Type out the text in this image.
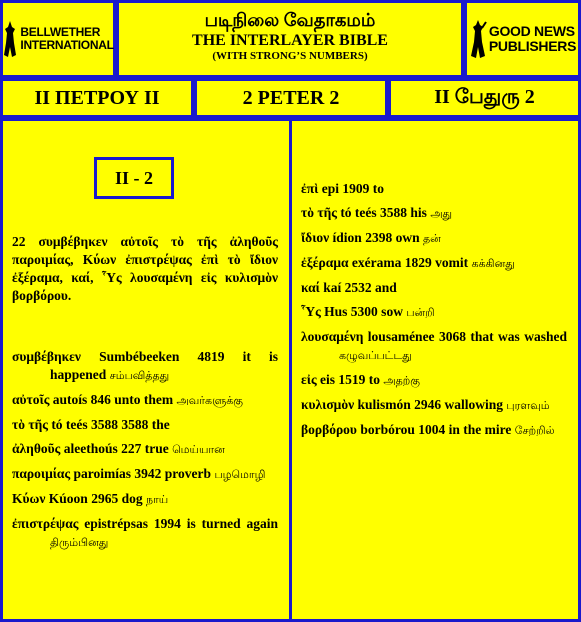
BELLWETHER
INTERNATIONAL
படிநிலை வேதாகமம்
THE INTERLAYER BIBLE
(WITH STRONG’S NUMBERS)
GOOD NEWS
PUBLISHERS
II ΠΕΤΡΟΥ II	2 PETER 2	II பேதுரு 2
II - 2
22 συμβέβηκεν αὐτοῖς τὸ τῆς ἀληθοῦς παροιμίας, Κύων ἐπιστρέψας ἐπὶ τὸ ἴδιον ἐξέραμα, καί, Ὗς λουσαμένη εἰς κυλισμὸν βορβόρου.

συμβέβηκεν Sumbébeeken 4819 it is happened சம்பவித்தது

αὐτοῖς autoís 846 unto them அவர்களுக்கு

τὸ τῆς tó teés 3588 3588 the

ἀληθοῦς aleethoús 227 true மெய்யான

παροιμίας paroimías 3942 proverb பழமொழி

Κύων Kúoon 2965 dog நாய்

ἐπιστρέψας epistrépsas 1994 is turned again திரும்பினது

ἐπὶ epi 1909 to

τὸ τῆς tó teés 3588 his அது

ἴδιον ídion 2398 own தன்

ἐξέραμα exérama 1829 vomit கக்கினது

καί kaí 2532 and

Ὗς Hus 5300 sow பன்றி

λουσαμένη lousaménee 3068 that was washed கழுவப்பட்டது

εἰς eis 1519 to அதற்கு

κυλισμὸν kulismón 2946 wallowing புரளவும்

βορβόρου borbórou 1004 in the mire சேற்றில்
